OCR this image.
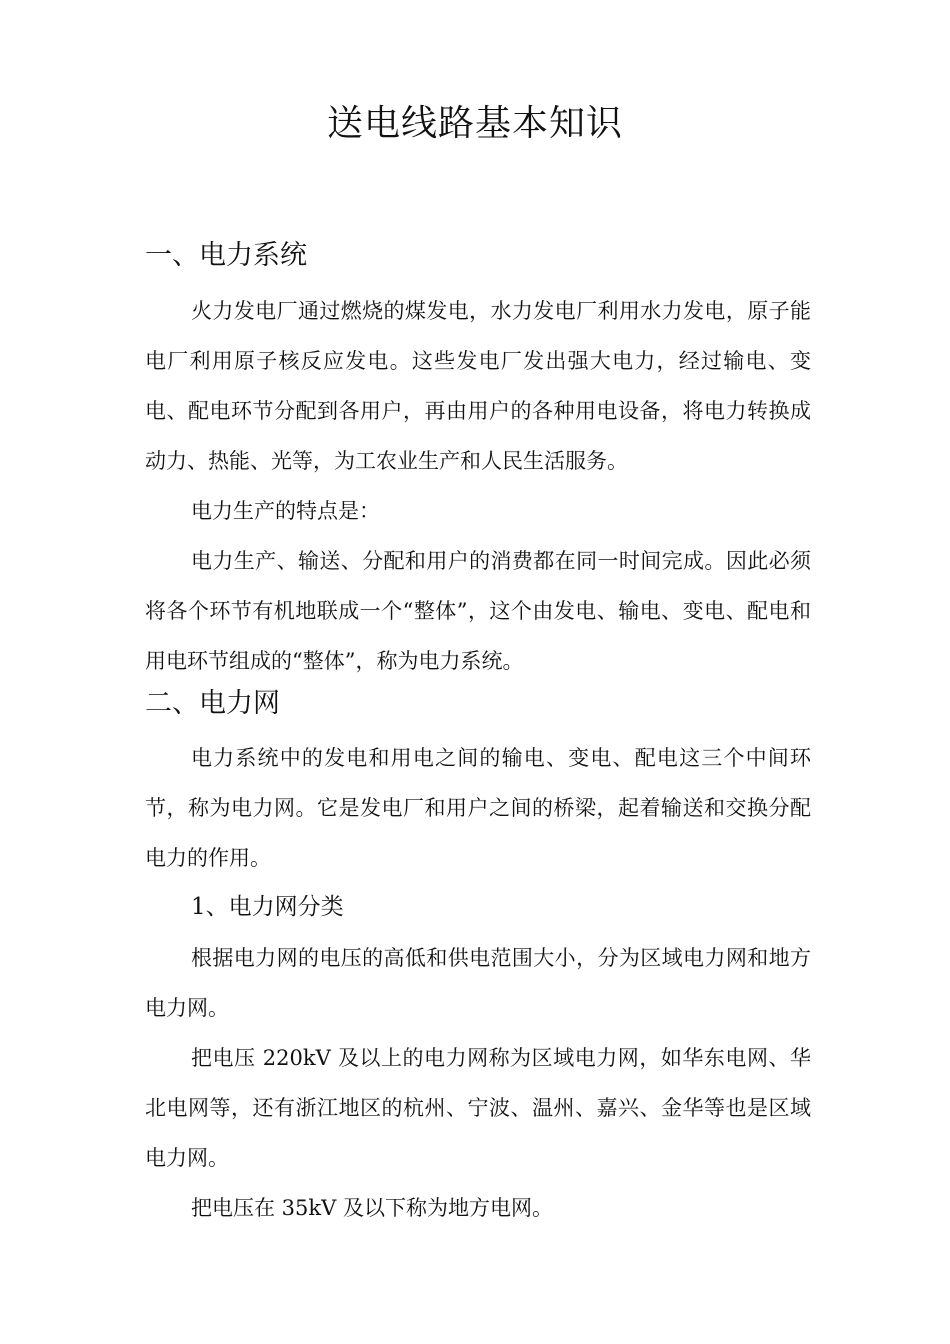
送电线路基本知识
一、电力系统

火力发电厂通过燃烧的煤发电，水力发电厂利用水力发电，原子能电厂利用原子核反应发电。这些发电厂发出强大电力，经过输电、变电、配电环节分配到各用户，再由用户的各种用电设备，将电力转换成动力、热能、光等，为工农业生产和人民生活服务。

电力生产的特点是：

电力生产、输送、分配和用户的消费都在同一时间完成。因此必须将各个环节有机地联成一个“整体”，这个由发电、输电、变电、配电和用电环节组成的“整体”，称为电力系统。

二、电力网

电力系统中的发电和用电之间的输电、变电、配电这三个中间环节，称为电力网。它是发电厂和用户之间的桥梁，起着输送和交换分配电力的作用。

1、电力网分类

根据电力网的电压的高低和供电范围大小，分为区域电力网和地方电力网。

把电压 220kV 及以上的电力网称为区域电力网，如华东电网、华北电网等，还有浙江地区的杭州、宁波、温州、嘉兴、金华等也是区域电力网。

把电压在 35kV 及以下称为地方电网。
